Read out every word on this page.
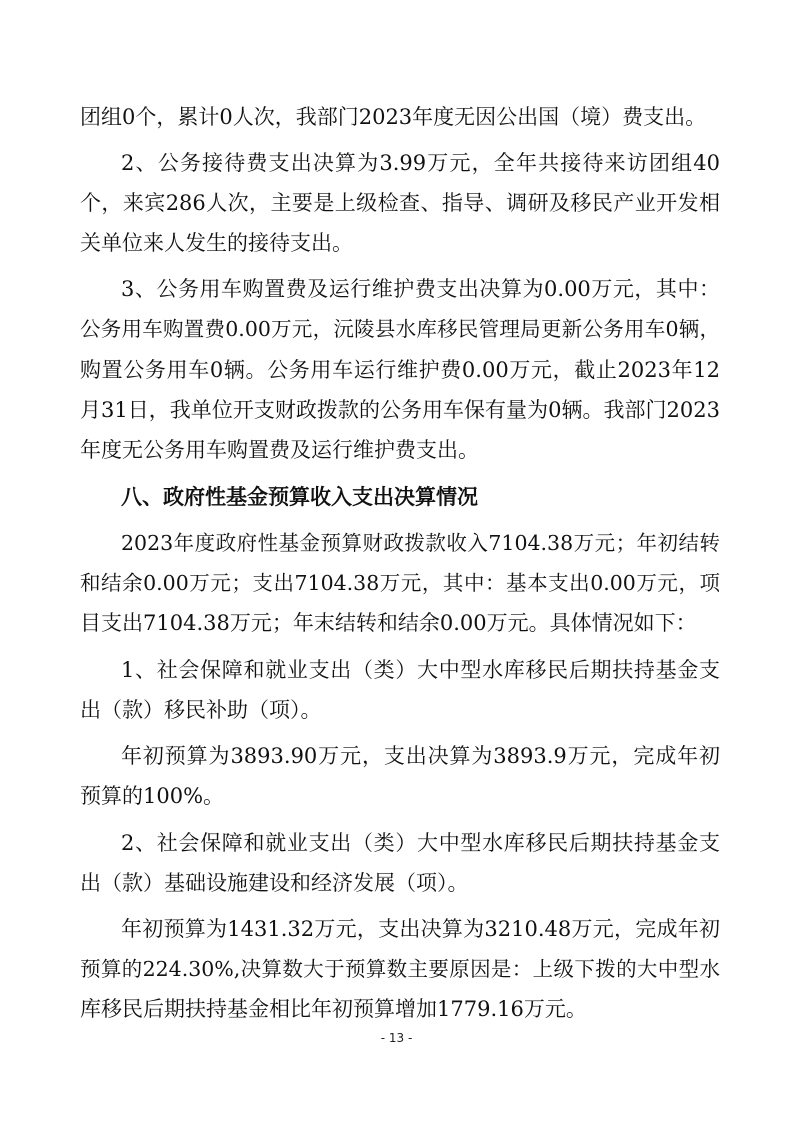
团组0个，累计0人次，我部门2023年度无因公出国（境）费支出。
2、公务接待费支出决算为3.99万元，全年共接待来访团组40
个，来宾286人次，主要是上级检查、指导、调研及移民产业开发相
关单位来人发生的接待支出。
3、公务用车购置费及运行维护费支出决算为0.00万元，其中：
公务用车购置费0.00万元，沅陵县水库移民管理局更新公务用车0辆，
购置公务用车0辆。公务用车运行维护费0.00万元，截止2023年12
月31日，我单位开支财政拨款的公务用车保有量为0辆。我部门2023
年度无公务用车购置费及运行维护费支出。
八、政府性基金预算收入支出决算情况
2023年度政府性基金预算财政拨款收入7104.38万元；年初结转
和结余0.00万元；支出7104.38万元，其中：基本支出0.00万元，项
目支出7104.38万元；年末结转和结余0.00万元。具体情况如下：
1、社会保障和就业支出（类）大中型水库移民后期扶持基金支
出（款）移民补助（项）。
年初预算为3893.90万元，支出决算为3893.9万元，完成年初
预算的100%。
2、社会保障和就业支出（类）大中型水库移民后期扶持基金支
出（款）基础设施建设和经济发展（项）。
年初预算为1431.32万元，支出决算为3210.48万元，完成年初
预算的224.30%,决算数大于预算数主要原因是：上级下拨的大中型水
库移民后期扶持基金相比年初预算增加1779.16万元。
- 13 -
